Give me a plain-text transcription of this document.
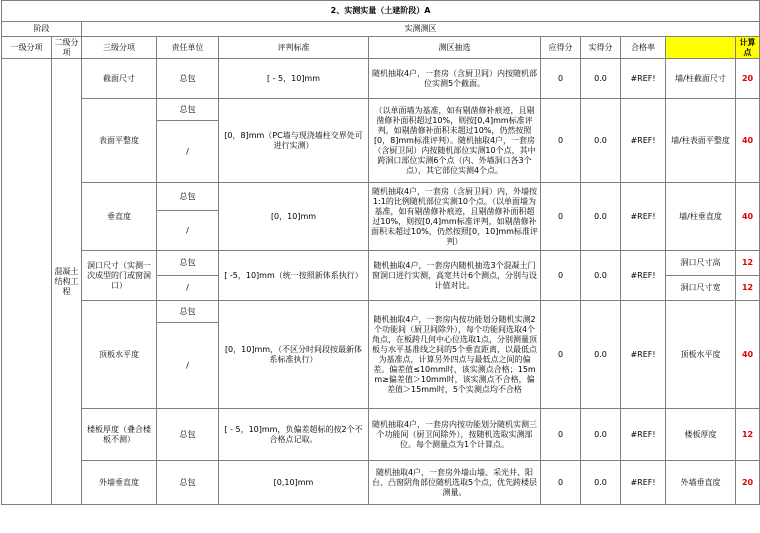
2、实测实量（土建阶段）A										
阶段		实测测区								
一级分项	二级分项	三级分项	责任单位	评判标准	测区抽选	应得分	实得分	合格率		计算点
	混凝土结构工程	截面尺寸	总包	[ - 5，10]mm	随机抽取4户，一套房（含厨卫间）内按随机部位实测5个截面。	0	0.0	#REF!	墙/柱截面尺寸	20
		表面平整度	总包	[0，8]mm（PC墙与现浇墙柱交界处可进行实测）	（以单面墙为基准，如有剔凿修补痕迹，且剔凿修补面积超过10%，则按[0,4]mm标准评判，如剔凿修补面积未超过10%，仍然按照[0，8]mm标准评判）。随机抽取4户，一套房（含厨卫间）内按随机部位实测10个点，其中跨洞口部位实测6个点（内、外墙洞口各3个点），其它部位实测4个点。	0	0.0	#REF!	墙/柱表面平整度	40
			/							
		垂直度	总包	[0，10]mm	随机抽取4户，一套房（含厨卫间）内，外墙按1:1的比例随机部位实测10个点。（以单面墙为基准，如有剔凿修补痕迹，且剔凿修补面积超过10%，则按[0,4]mm标准评判，如剔凿修补面积未超过10%，仍然按照[0，10]mm标准评判）	0	0.0	#REF!	墙/柱垂直度	40
			/							
		洞口尺寸（实测一次成型的门或窗洞口）	总包	[ -5，10]mm（统一按照新体系执行）	随机抽取4户，一套房内随机抽选3个混凝土门窗洞口进行实测，高宽共计6个测点，分别与设计值对比。	0	0.0	#REF!	洞口尺寸高	12
			/						洞口尺寸宽	12
		顶板水平度	总包	[0，10]mm，（不区分时间段按最新体系标准执行）	随机抽取4户，一套房内按功能划分随机实测2个功能间（厨卫间除外），每个功能间选取4个角点，在板跨几何中心位选取1点，分别测量顶板与水平基准线之间的5个垂直距离，以最低点为基准点，计算另外四点与最低点之间的偏差。偏差值≤10mm时，该实测点合格；15mm≥偏差值＞10mm时，该实测点不合格，偏差值＞15mm时，5个实测点均不合格	0	0.0	#REF!	顶板水平度	40
			/							
		楼板厚度（叠合楼板不测）	总包	[ - 5，10]mm，负偏差超标的按2个不合格点记取。	随机抽取4户，一套房内按功能划分随机实测三个功能间（厨卫间除外），按随机选取实测部位。每个测量点为1个计算点。	0	0.0	#REF!	楼板厚度	12
		外墙垂直度	总包	[0,10]mm	随机抽取4户，一套房外墙山墙、采光井、阳台、凸窗阴角部位随机选取5个点，优先跨楼层测量。	0	0.0	#REF!	外墙垂直度	20
